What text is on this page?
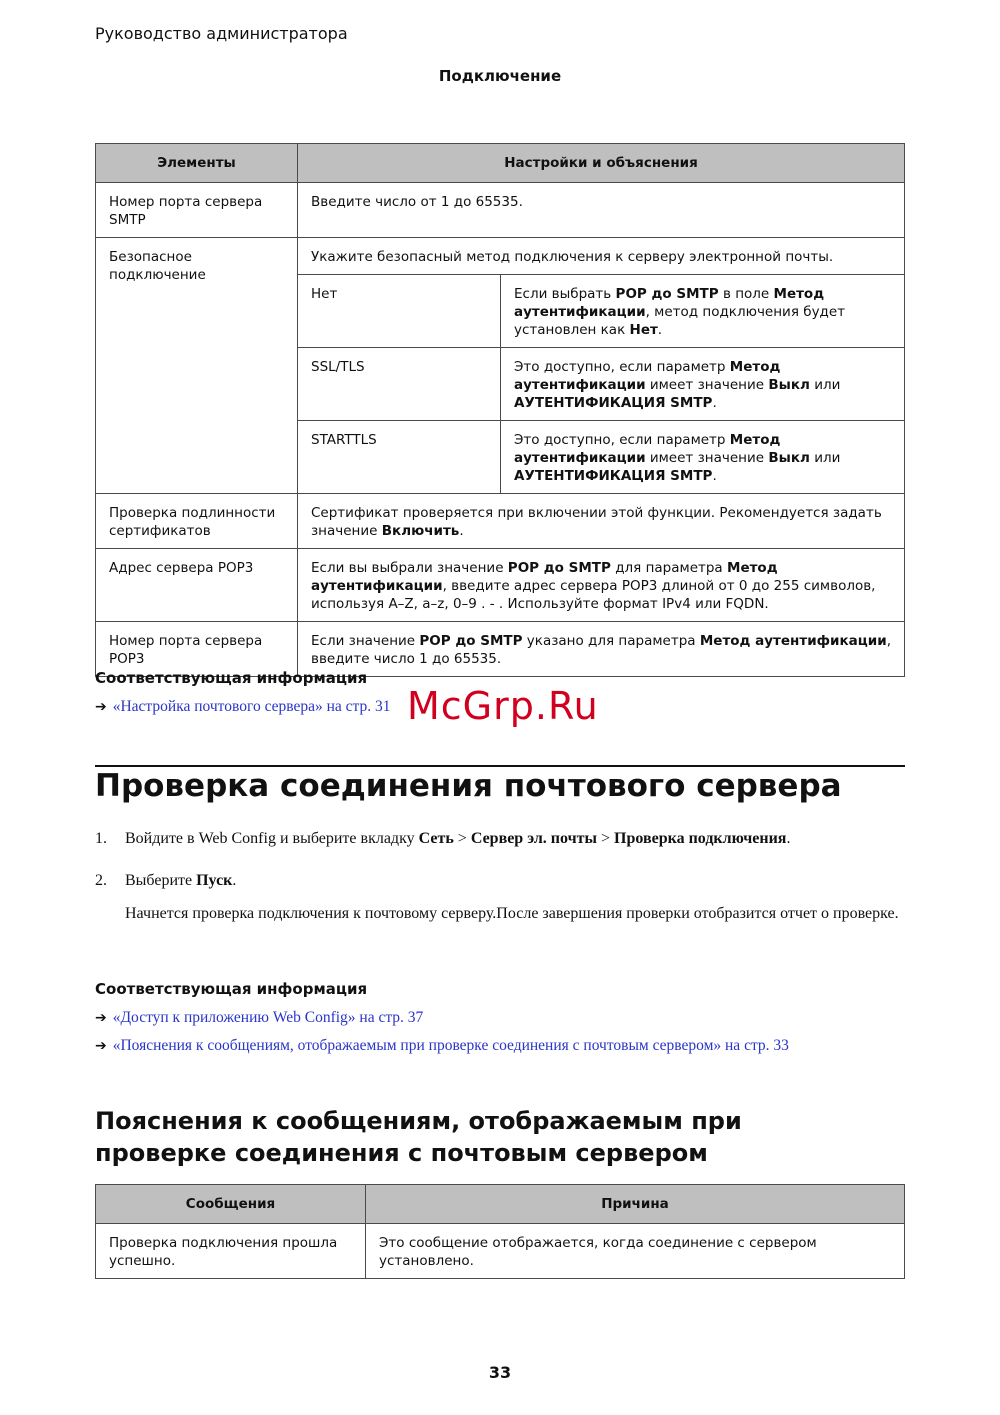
Руководство администратора
Подключение
Элементы	Настройки и объяснения	
Номер порта сервера SMTP	Введите число от 1 до 65535.	
Безопасное подключение	Укажите безопасный метод подключения к серверу электронной почты.	
	Нет	Если выбрать POP до SMTP в поле Метод аутентификации, метод подключения будет установлен как Нет.
	SSL/TLS	Это доступно, если параметр Метод аутентификации имеет значение Выкл или АУТЕНТИФИКАЦИЯ SMTP.
	STARTTLS	Это доступно, если параметр Метод аутентификации имеет значение Выкл или АУТЕНТИФИКАЦИЯ SMTP.
Проверка подлинности сертификатов	Сертификат проверяется при включении этой функции. Рекомендуется задать значение Включить.	
Адрес сервера POP3	Если вы выбрали значение POP до SMTP для параметра Метод аутентификации, введите адрес сервера POP3 длиной от 0 до 255 символов, используя A–Z, a–z, 0–9 . - . Используйте формат IPv4 или FQDN.	
Номер порта сервера POP3	Если значение POP до SMTP указано для параметра Метод аутентификации, введите число 1 до 65535.	
Соответствующая информация
➔ «Настройка почтового сервера» на стр. 31 McGrp.Ru
Проверка соединения почтового сервера
1.	Войдите в Web Config и выберите вкладку Сеть > Сервер эл. почты > Проверка подключения.
2.	Выберите Пуск.
Начнется проверка подключения к почтовому серверу.После завершения проверки отобразится отчет о проверке.
Соответствующая информация
➔ «Доступ к приложению Web Config» на стр. 37
➔ «Пояснения к сообщениям, отображаемым при проверке соединения с почтовым сервером» на стр. 33
Пояснения к сообщениям, отображаемым при проверке соединения с почтовым сервером
Сообщения	Причина
Проверка подключения прошла успешно.	Это сообщение отображается, когда соединение с сервером установлено.
33
